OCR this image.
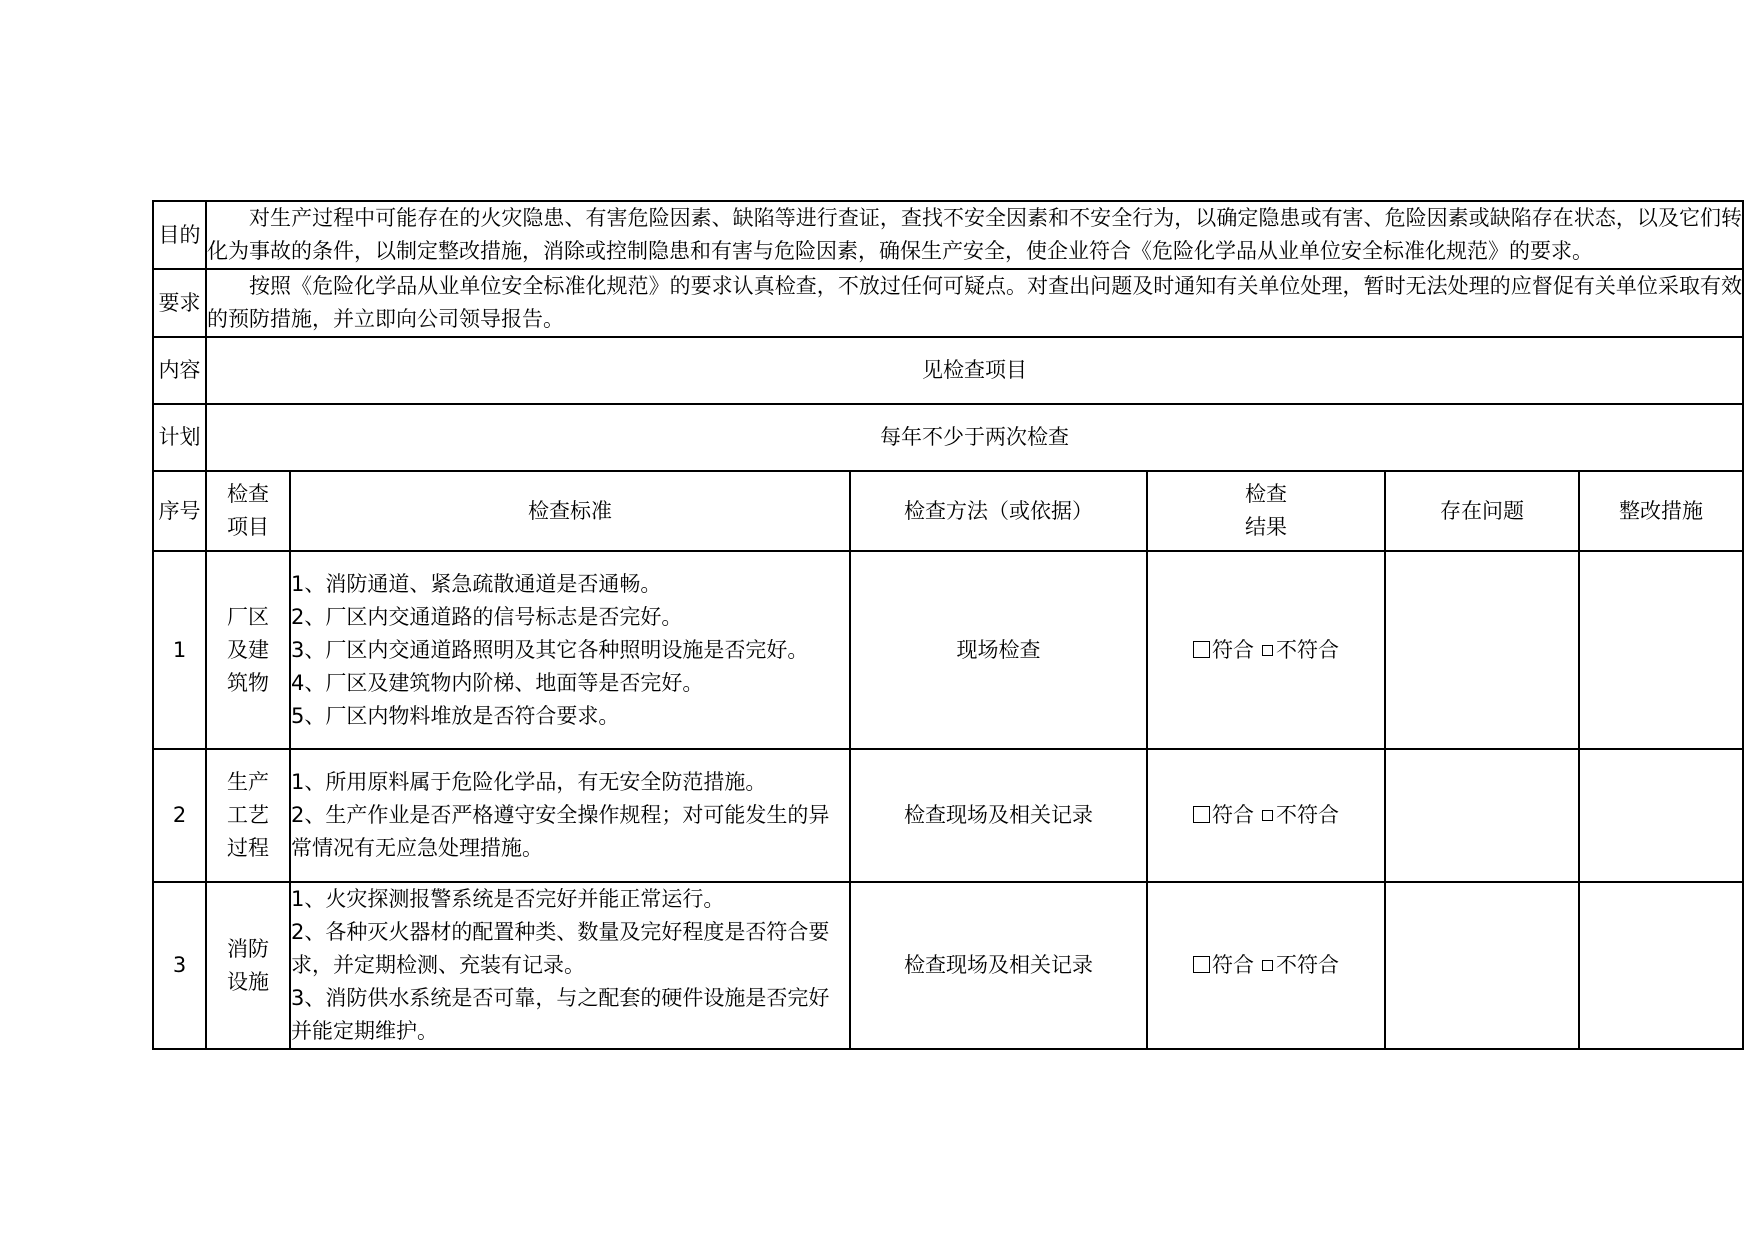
目的	对生产过程中可能存在的火灾隐患、有害危险因素、缺陷等进行查证，查找不安全因素和不安全行为，以确定隐患或有害、危险因素或缺陷存在状态，以及它们转化为事故的条件，以制定整改措施，消除或控制隐患和有害与危险因素，确保生产安全，使企业符合《危险化学品从业单位安全标准化规范》的要求。					
要求	按照《危险化学品从业单位安全标准化规范》的要求认真检查，不放过任何可疑点。对查出问题及时通知有关单位处理，暂时无法处理的应督促有关单位采取有效的预防措施，并立即向公司领导报告。					
内容	见检查项目					
计划	每年不少于两次检查					
序号	检查项目	检查标准	检查方法（或依据）	检查结果	存在问题	整改措施
1	厂区及建筑物	1、消防通道、紧急疏散通道是否通畅。
2、厂区内交通道路的信号标志是否完好。
3、厂区内交通道路照明及其它各种照明设施是否完好。
4、厂区及建筑物内阶梯、地面等是否完好。
5、厂区内物料堆放是否符合要求。	现场检查	符合 不符合		
2	生产工艺过程	1、所用原料属于危险化学品，有无安全防范措施。
2、生产作业是否严格遵守安全操作规程；对可能发生的异常情况有无应急处理措施。	检查现场及相关记录	符合 不符合		
3	消防设施	1、火灾探测报警系统是否完好并能正常运行。
2、各种灭火器材的配置种类、数量及完好程度是否符合要求，并定期检测、充装有记录。
3、消防供水系统是否可靠，与之配套的硬件设施是否完好并能定期维护。	检查现场及相关记录	符合 不符合		
